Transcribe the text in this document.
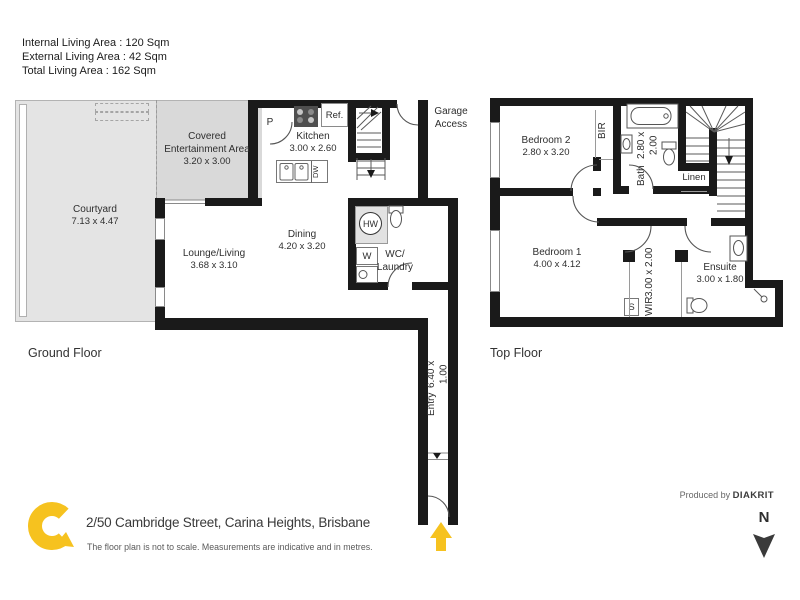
Internal Living Area : 120 Sqm
External Living Area : 42 Sqm
Total Living Area : 162 Sqm
Ref.
DW
HW
W
S
Courtyard
7.13 x 4.47
Covered Entertainment Area
3.20 x 3.00
Kitchen
3.00 x 2.60
Dining
4.20 x 3.20
Lounge/Living
3.68 x 3.10
WC/ Laundry
Garage Access
P
Entry
6.40 x 1.00
Ground Floor
Bedroom 2
2.80 x 3.20
Bedroom 1
4.00 x 4.12
Bath
2.80 x 2.00
BIR
Linen
WIR
3.00 x 2.00	Ensuite
3.00 x 1.80
Top Floor
2/50 Cambridge Street, Carina Heights, Brisbane
The floor plan is not to scale. Measurements are indicative and in metres.
Produced by DIAKRIT
N
